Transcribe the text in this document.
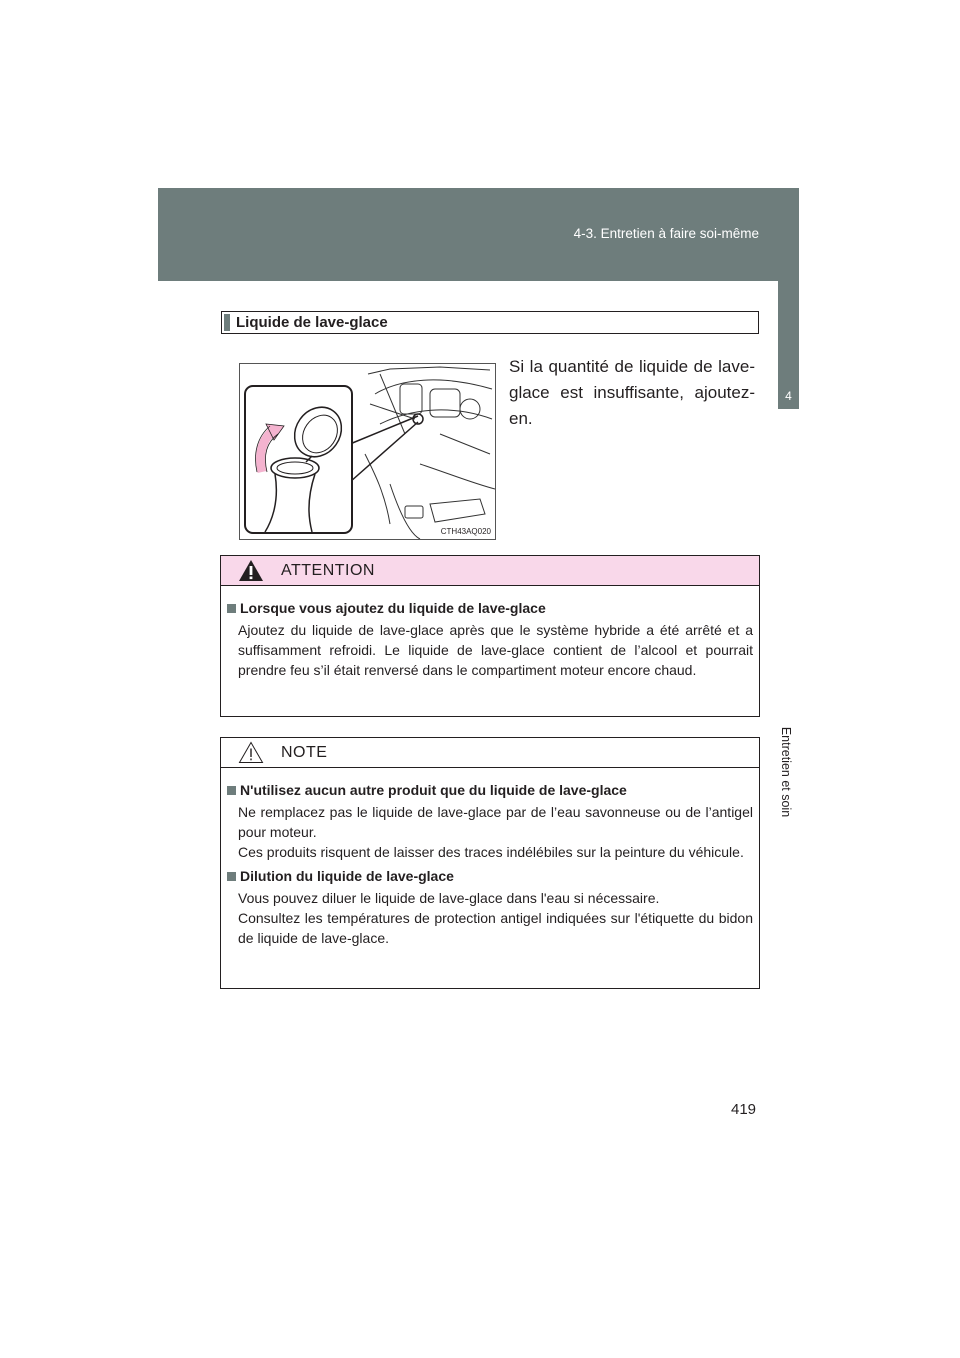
4-3. Entretien à faire soi-même
4
Entretien et soin
Liquide de lave-glace
CTH43AQ020
Si la quantité de liquide de lave-glace est insuffisante, ajoutez-en.
ATTENTION
Lorsque vous ajoutez du liquide de lave-glace
Ajoutez du liquide de lave-glace après que le système hybride a été arrêté et a suffisamment refroidi. Le liquide de lave-glace contient de l’alcool et pourrait prendre feu s’il était renversé dans le compartiment moteur encore chaud.
NOTE
N'utilisez aucun autre produit que du liquide de lave-glace
Ne remplacez pas le liquide de lave-glace par de l’eau savonneuse ou de l’antigel pour moteur.
Ces produits risquent de laisser des traces indélébiles sur la peinture du véhicule.
Dilution du liquide de lave-glace
Vous pouvez diluer le liquide de lave-glace dans l'eau si nécessaire.
Consultez les températures de protection antigel indiquées sur l'étiquette du bidon de liquide de lave-glace.
419
